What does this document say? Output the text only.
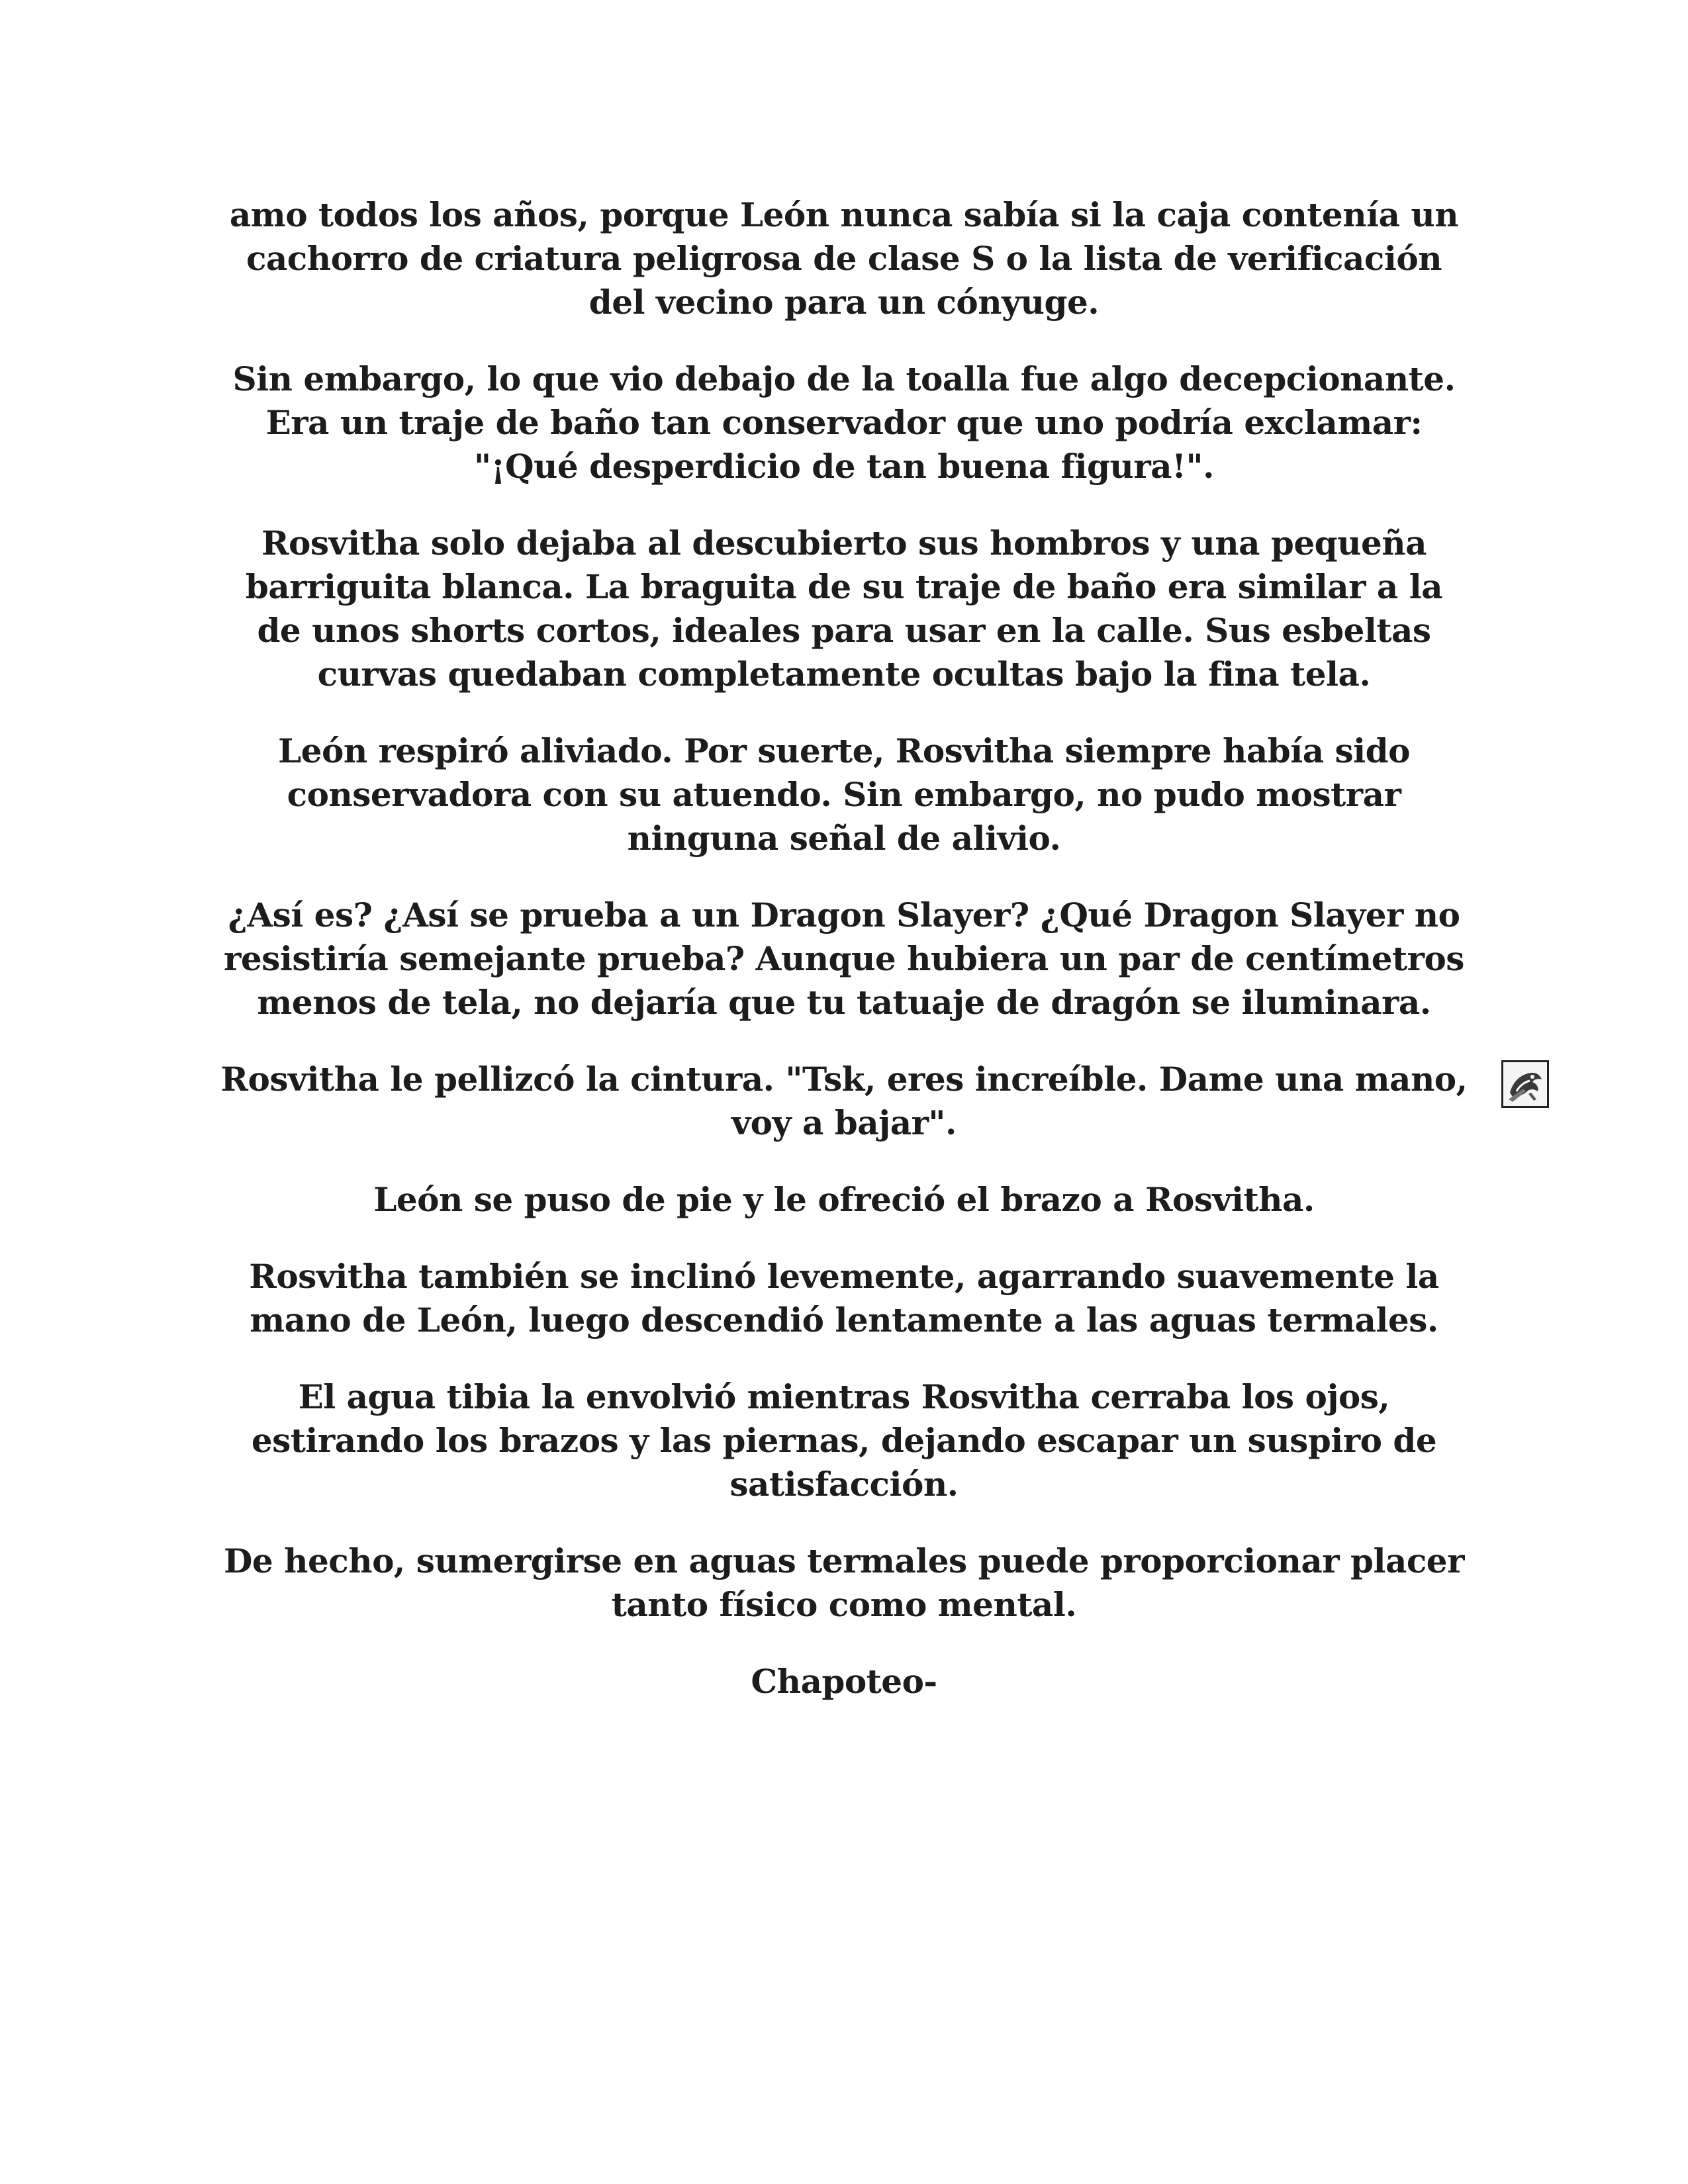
amo todos los años, porque León nunca sabía si la caja contenía un cachorro de criatura peligrosa de clase S o la lista de verificación del vecino para un cónyuge.

Sin embargo, lo que vio debajo de la toalla fue algo decepcionante. Era un traje de baño tan conservador que uno podría exclamar: "¡Qué desperdicio de tan buena figura!".

Rosvitha solo dejaba al descubierto sus hombros y una pequeña barriguita blanca. La braguita de su traje de baño era similar a la de unos shorts cortos, ideales para usar en la calle. Sus esbeltas curvas quedaban completamente ocultas bajo la fina tela.

León respiró aliviado. Por suerte, Rosvitha siempre había sido conservadora con su atuendo. Sin embargo, no pudo mostrar ninguna señal de alivio.

¿Así es? ¿Así se prueba a un Dragon Slayer? ¿Qué Dragon Slayer no resistiría semejante prueba? Aunque hubiera un par de centímetros menos de tela, no dejaría que tu tatuaje de dragón se iluminara.

Rosvitha le pellizcó la cintura. "Tsk, eres increíble. Dame una mano, voy a bajar".

León se puso de pie y le ofreció el brazo a Rosvitha.

Rosvitha también se inclinó levemente, agarrando suavemente la mano de León, luego descendió lentamente a las aguas termales.

El agua tibia la envolvió mientras Rosvitha cerraba los ojos, estirando los brazos y las piernas, dejando escapar un suspiro de satisfacción.

De hecho, sumergirse en aguas termales puede proporcionar placer tanto físico como mental.

Chapoteo-
